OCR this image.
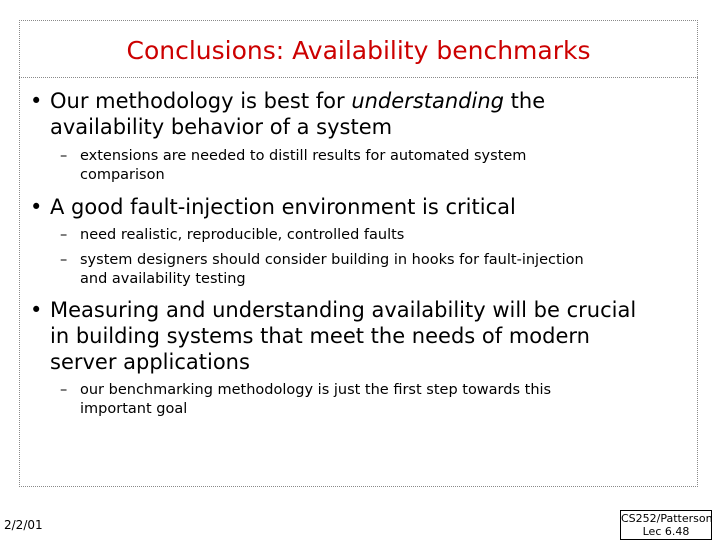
Conclusions: Availability benchmarks
• Our methodology is best for understanding the
availability behavior of a system
– extensions are needed to distill results for automated system
comparison
• A good fault-injection environment is critical
– need realistic, reproducible, controlled faults
– system designers should consider building in hooks for fault-injection
and availability testing
• Measuring and understanding availability will be crucial
in building systems that meet the needs of modern
server applications
– our benchmarking methodology is just the first step towards this
important goal
2/2/01	CS252/Patterson
Lec 6.48
